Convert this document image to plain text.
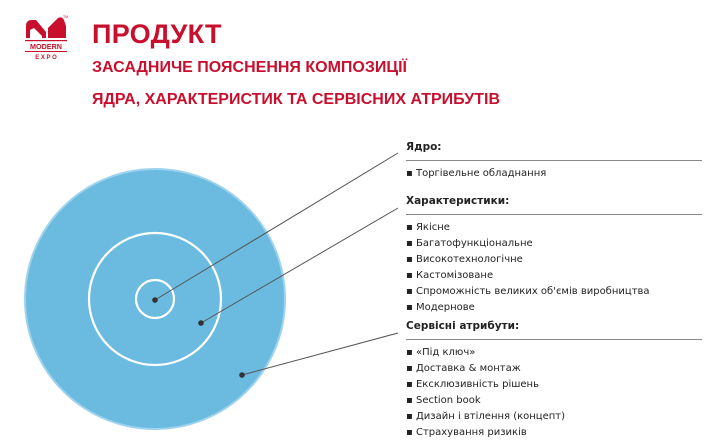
MODERN
E X P O
TM
ПРОДУКТ
ЗАСАДНИЧЕ ПОЯСНЕННЯ КОМПОЗИЦІЇ
ЯДРА, ХАРАКТЕРИСТИК ТА СЕРВІСНИХ АТРИБУТІВ

Ядро:

▪ Торгівельне обладнання

Характеристики:

▪ Якісне
▪ Багатофункціональне
▪ Високотехнологічне
▪ Кастомізоване
▪ Спроможність великих об'ємів виробництва
▪ Модернове

Сервісні атрибути:

▪ «Під ключ»
▪ Доставка & монтаж
▪ Ексклюзивність рішень
▪ Section book
▪ Дизайн і втілення (концепт)
▪ Страхування ризиків
